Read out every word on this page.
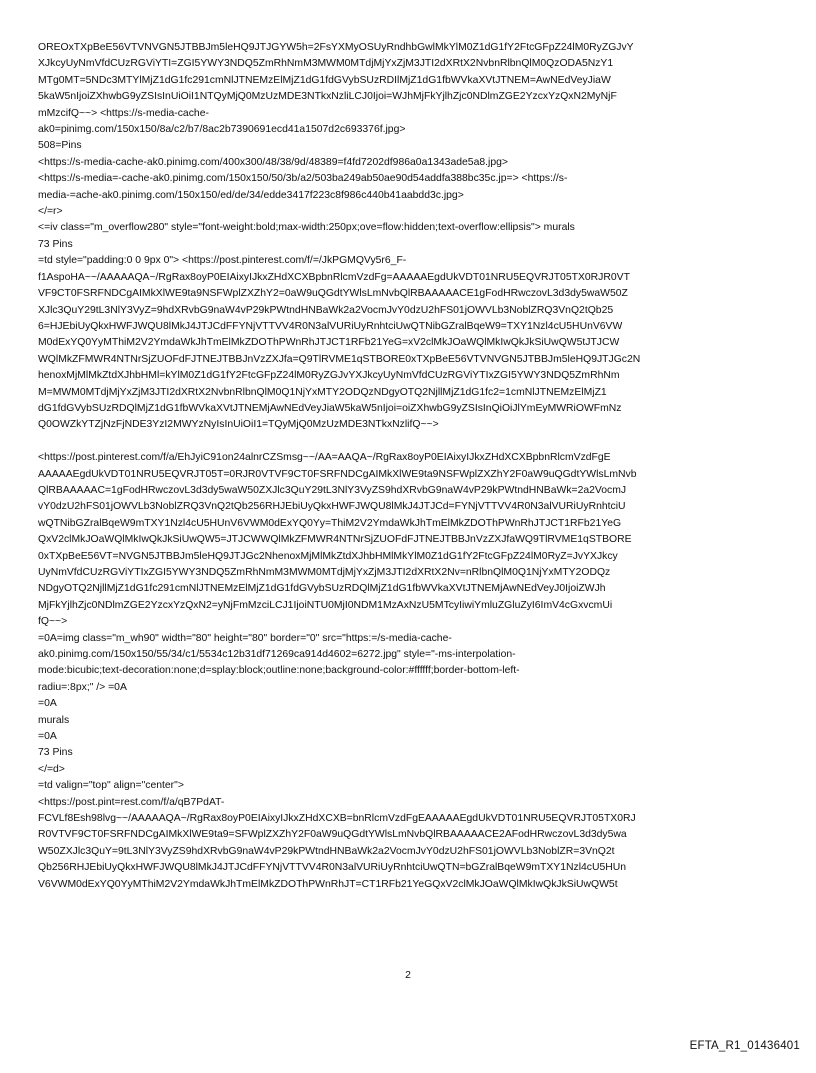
OREOxTXpBeE56VTVNVGN5JTBBJm5leHQ9JTJGYW5h=2FsYXMyOSUyRndhbGwlMkYlM0Z1dG1fY2FtcGFpZ24lM0RyZGJvY
XJkcyUyNmVfdCUzRGViYTI=ZGI5YWY3NDQ5ZmRhNmM3MWM0MTdjMjYxZjM3JTI2dXRtX2NvbnRlbnQlM0QzODA5NzY1
MTg0MT=5NDc3MTYlMjZ1dG1fc291cmNlJTNEMzElMjZ1dG1fdGVybSUzRDIlMjZ1dG1fbWVkaXVtJTNEM=AwNEdVeyJiaW
5kaW5nIjoiZXhwbG9yZSIsInUiOiI1NTQyMjQ0MzUzMDE3NTkxNzliLCJ0Ijoi=WJhMjFkYjlhZjc0NDlmZGE2YzcxYzQxN2MyNjF
mMzcifQ~~> <https://s-media-cache-
ak0=pinimg.com/150x150/8a/c2/b7/8ac2b7390691ecd41a1507d2c693376f.jpg>
508=Pins
<https://s-media-cache-ak0.pinimg.com/400x300/48/38/9d/48389=f4fd7202df986a0a1343ade5a8.jpg>
<https://s-media=-cache-ak0.pinimg.com/150x150/50/3b/a2/503ba249ab50ae90d54addfa388bc35c.jp=> <https://s-
media-=ache-ak0.pinimg.com/150x150/ed/de/34/edde3417f223c8f986c440b41aabdd3c.jpg>
</=r>
<=iv class="m_overflow280" style="font-weight:bold;max-width:250px;ove=flow:hidden;text-overflow:ellipsis"> murals
73 Pins
=td style="padding:0 0 9px 0"> <https://post.pinterest.com/f/=/JkPGMQVy5r6_F-
f1AspoHA~~/AAAAAQA~/RgRax8oyP0EIAixyIJkxZHdXCXBpbnRlcmVzdFg=AAAAAEgdUkVDT01NRU5EQVRJT05TX0RJR0VT
VF9CT0FSRFNDCgAIMkXlWE9ta9NSFWplZXZhY2=0aW9uQGdtYWlsLmNvbQlRBAAAAACE1gFodHRwczovL3d3dy5waW50Z
XJlc3QuY29tL3NlY3VyZ=9hdXRvbG9naW4vP29kPWtndHNBaWk2a2VocmJvY0dzU2hFS01jOWVLb3NoblZRQ3VnQ2tQb25
6=HJEbiUyQkxHWFJWQU8lMkJ4JTJCdFFYNjVTTVV4R0N3alVURiUyRnhtciUwQTNibGZralBqeW9=TXY1Nzl4cU5HUnV6VW
M0dExYQ0YyMThiM2V2YmdaWkJhTmElMkZDOThPWnRhJTJCT1RFb21YeG=xV2clMkJOaWQlMkIwQkJkSiUwQW5tJTJCW
WQlMkZFMWR4NTNrSjZUOFdFJTNEJTBBJnVzZXJfa=Q9TlRVME1qSTBORE0xTXpBeE56VTVNVGN5JTBBJm5leHQ9JTJGc2N
henoxMjMlMkZtdXJhbHMl=kYlM0Z1dG1fY2FtcGFpZ24lM0RyZGJvYXJkcyUyNmVfdCUzRGViYTIxZGI5YWY3NDQ5ZmRhNm
M=MWM0MTdjMjYxZjM3JTI2dXRtX2NvbnRlbnQlM0Q1NjYxMTY2ODQzNDgyOTQ2NjllMjZ1dG1fc2=1cmNlJTNEMzElMjZ1
dG1fdGVybSUzRDQlMjZ1dG1fbWVkaXVtJTNEMjAwNEdVeyJiaW5kaW5nIjoi=oiZXhwbG9yZSIsInQiOiJlYmEyMWRiOWFmNz
Q0OWZkYTZjNzFjNDE3YzI2MWYzNyIsInUiOiI1=TQyMjQ0MzUzMDE3NTkxNzlifQ~~>
<https://post.pinterest.com/f/a/EhJyiC91on24alnrCZSmsg~~/AA=AAQA~/RgRax8oyP0EIAixyIJkxZHdXCXBpbnRlcmVzdFgE
AAAAAEgdUkVDT01NRU5EQVRJT05T=0RJR0VTVF9CT0FSRFNDCgAIMkXlWE9ta9NSFWplZXZhY2F0aW9uQGdtYWlsLmNvb
QlRBAAAAAC=1gFodHRwczovL3d3dy5waW50ZXJlc3QuY29tL3NlY3VyZS9hdXRvbG9naW4vP29kPWtndHNBaWk=2a2VocmJ
vY0dzU2hFS01jOWVLb3NoblZRQ3VnQ2tQb256RHJEbiUyQkxHWFJWQU8lMkJ4JTJCd=FYNjVTTVV4R0N3alVURiUyRnhtciU
wQTNibGZralBqeW9mTXY1Nzl4cU5HUnV6VWM0dExYQ0Yy=ThiM2V2YmdaWkJhTmElMkZDOThPWnRhJTJCT1RFb21YeG
QxV2clMkJOaWQlMkIwQkJkSiUwQW5=JTJCWWQlMkZFMWR4NTNrSjZUOFdFJTNEJTBBJnVzZXJfaWQ9TlRVME1qSTBORE
0xTXpBeE56VT=NVGN5JTBBJm5leHQ9JTJGc2NhenoxMjMlMkZtdXJhbHMlMkYlM0Z1dG1fY2FtcGFpZ24lM0RyZ=JvYXJkcy
UyNmVfdCUzRGViYTIxZGI5YWY3NDQ5ZmRhNmM3MWM0MTdjMjYxZjM3JTI2dXRtX2Nv=nRlbnQlM0Q1NjYxMTY2ODQz
NDgyOTQ2NjllMjZ1dG1fc291cmNlJTNEMzElMjZ1dG1fdGVybSUzRDQlMjZ1dG1fbWVkaXVtJTNEMjAwNEdVeyJ0IjoiZWJh
MjFkYjlhZjc0NDlmZGE2YzcxYzQxN2=yNjFmMzciLCJ1IjoiNTU0MjI0NDM1MzAxNzU5MTcyIiwiYmluZGluZyI6ImV4cGxvcmUi
fQ~~>
=0A=img class="m_wh90" width="80" height="80" border="0" src="https:=/s-media-cache-
ak0.pinimg.com/150x150/55/34/c1/5534c12b31df71269ca914d4602=6272.jpg" style="-ms-interpolation-
mode:bicubic;text-decoration:none;d=splay:block;outline:none;background-color:#ffffff;border-bottom-left-
radiu=:8px;" /> =0A
=0A
murals
=0A
73 Pins
</=d>
=td valign="top" align="center">
<https://post.pint=rest.com/f/a/qB7PdAT-
FCVLf8Esh98lvg~~/AAAAAQA~/RgRax8oyP0EIAixyIJkxZHdXCXB=bnRlcmVzdFgEAAAAAEgdUkVDT01NRU5EQVRJT05TX0RJ
R0VTVF9CT0FSRFNDCgAIMkXlWE9ta9=SFWplZXZhY2F0aW9uQGdtYWlsLmNvbQlRBAAAAACE2AFodHRwczovL3d3dy5wa
W50ZXJlc3QuY=9tL3NlY3VyZS9hdXRvbG9naW4vP29kPWtndHNBaWk2a2VocmJvY0dzU2hFS01jOWVLb3NoblZR=3VnQ2t
Qb256RHJEbiUyQkxHWFJWQU8lMkJ4JTJCdFFYNjVTTVV4R0N3alVURiUyRnhtciUwQTN=bGZralBqeW9mTXY1Nzl4cU5HUn
V6VWM0dExYQ0YyMThiM2V2YmdaWkJhTmElMkZDOThPWnRhJT=CT1RFb21YeGQxV2clMkJOaWQlMkIwQkJkSiUwQW5t
2
EFTA_R1_01436401
